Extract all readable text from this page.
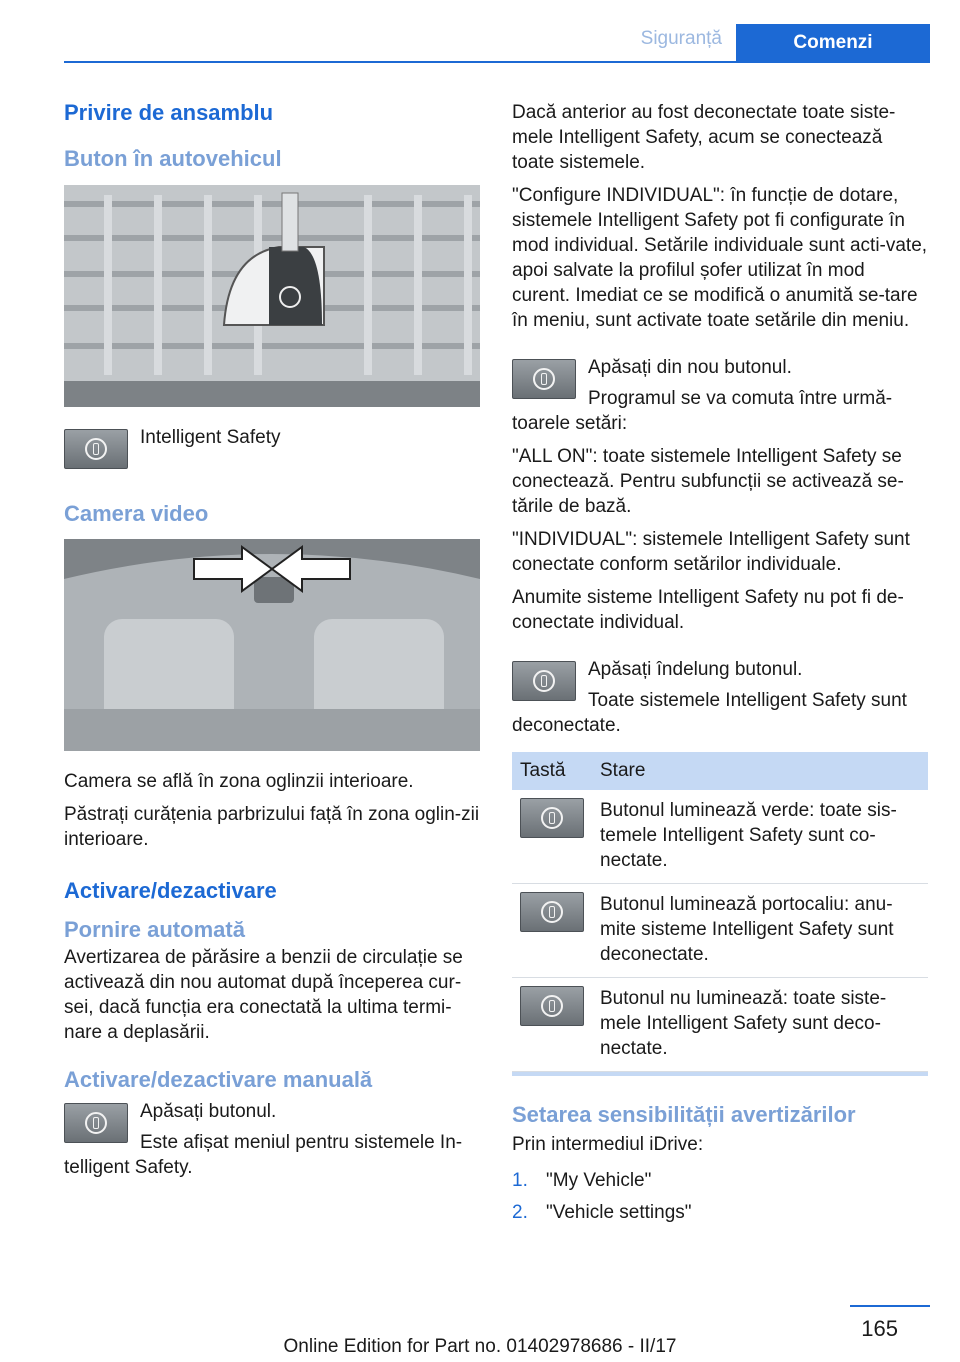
Siguranță	Comenzi
Privire de ansamblu
Buton în autovehicul

Intelligent Safety

Camera video

Camera se află în zona oglinzii interioare.

Păstrați curățenia parbrizului față în zona oglin‐zii interioare.

Activare/dezactivare
Pornire automată

Avertizarea de părăsire a benzii de circulație se activează din nou automat după începerea cur‐sei, dacă funcția era conectată la ultima termi‐nare a deplasării.

Activare/dezactivare manuală

Apăsați butonul.

Este afișat meniul pentru sistemele In‐telligent Safety.

Dacă anterior au fost deconectate toate siste‐mele Intelligent Safety, acum se conectează toate sistemele.

"Configure INDIVIDUAL": în funcție de dotare, sistemele Intelligent Safety pot fi configurate în mod individual. Setările individuale sunt acti‐vate, apoi salvate la profilul șofer utilizat în mod curent. Imediat ce se modifică o anumită se‐tare în meniu, sunt activate toate setările din meniu.

Apăsați din nou butonul.

Programul se va comuta între urmă‐toarele setări:

"ALL ON": toate sistemele Intelligent Safety se conectează. Pentru subfuncții se activează se‐tările de bază.

"INDIVIDUAL": sistemele Intelligent Safety sunt conectate conform setărilor individuale.

Anumite sisteme Intelligent Safety nu pot fi de‐conectate individual.

Apăsați îndelung butonul.

Toate sistemele Intelligent Safety sunt deconectate.

Tastă	Stare

	Butonul luminează verde: toate sis‐temele Intelligent Safety sunt co‐nectate.

	Butonul luminează portocaliu: anu‐mite sisteme Intelligent Safety sunt deconectate.

	Butonul nu luminează: toate siste‐mele Intelligent Safety sunt deco‐nectate.
Setarea sensibilității avertizărilor

Prin intermediul iDrive:

1. "My Vehicle"
2. "Vehicle settings"
165
Online Edition for Part no. 01402978686 - II/17
